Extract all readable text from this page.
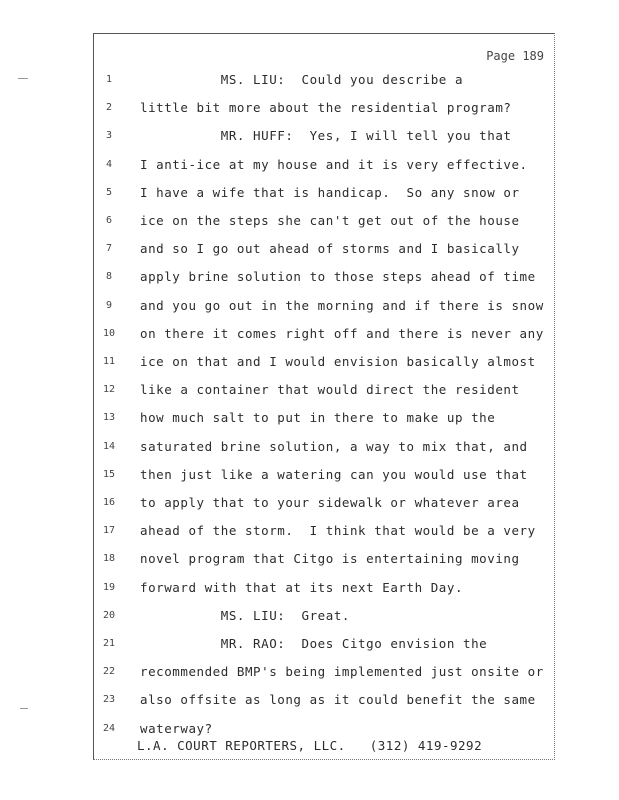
Page 189
1	MS. LIU:  Could you describe a
2	little bit more about the residential program?
3	MR. HUFF:  Yes, I will tell you that
4	I anti-ice at my house and it is very effective.
5	I have a wife that is handicap.  So any snow or
6	ice on the steps she can't get out of the house
7	and so I go out ahead of storms and I basically
8	apply brine solution to those steps ahead of time
9	and you go out in the morning and if there is snow
10	on there it comes right off and there is never any
11	ice on that and I would envision basically almost
12	like a container that would direct the resident
13	how much salt to put in there to make up the
14	saturated brine solution, a way to mix that, and
15	then just like a watering can you would use that
16	to apply that to your sidewalk or whatever area
17	ahead of the storm.  I think that would be a very
18	novel program that Citgo is entertaining moving
19	forward with that at its next Earth Day.
20	MS. LIU:  Great.
21	MR. RAO:  Does Citgo envision the
22	recommended BMP's being implemented just onsite or
23	also offsite as long as it could benefit the same
24	waterway?
L.A. COURT REPORTERS, LLC.   (312) 419-9292
